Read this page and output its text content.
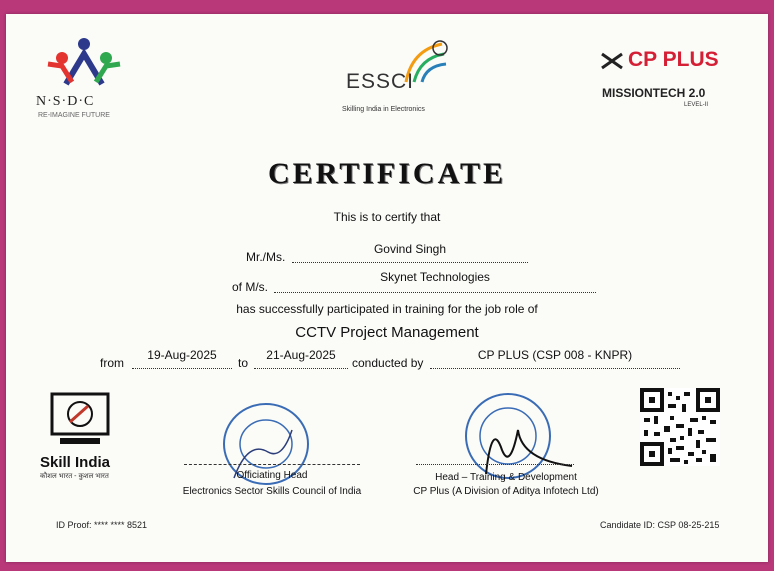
N·S·D·C
RE-IMAGINE FUTURE
ESSCI
Skilling India in Electronics
CP PLUS
MISSIONTECH 2.0
LEVEL-II
CERTIFICATE
This is to certify that
Mr./Ms.
Govind Singh
of M/s.
Skynet Technologies
has successfully participated in training for the job role of
CCTV Project Management
from
19-Aug-2025
to
21-Aug-2025
conducted by
CP PLUS (CSP 008 - KNPR)
Skill India
कौशल भारत - कुशल भारत	Officiating Head
Electronics Sector Skills Council of India
Head – Training & Development
CP Plus (A Division of Aditya Infotech Ltd)
ID Proof: **** **** 8521	Candidate ID: CSP 08-25-215
